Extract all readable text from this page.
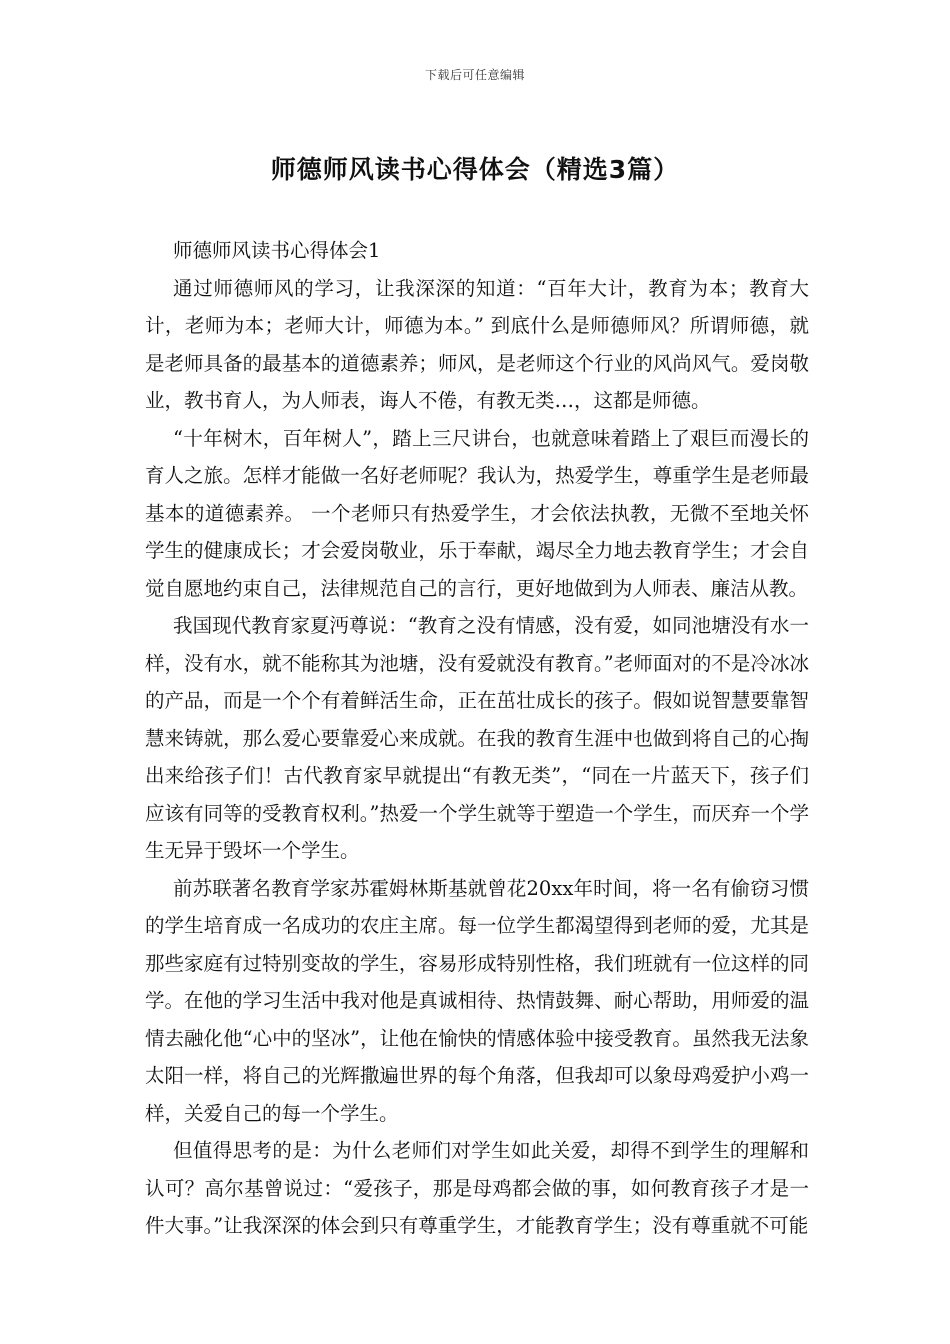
下载后可任意编辑
师德师风读书心得体会（精选3篇）

师德师风读书心得体会1

通过师德师风的学习，让我深深的知道：“百年大计，教育为本；教育大计，老师为本；老师大计，师德为本。” 到底什么是师德师风？所谓师德，就是老师具备的最基本的道德素养；师风，是老师这个行业的风尚风气。爱岗敬业，教书育人，为人师表，诲人不倦，有教无类…，这都是师德。

“十年树木，百年树人”，踏上三尺讲台，也就意味着踏上了艰巨而漫长的育人之旅。怎样才能做一名好老师呢？我认为，热爱学生，尊重学生是老师最基本的道德素养。 一个老师只有热爱学生，才会依法执教，无微不至地关怀学生的健康成长；才会爱岗敬业，乐于奉献，竭尽全力地去教育学生；才会自觉自愿地约束自己，法律规范自己的言行，更好地做到为人师表、廉洁从教。

我国现代教育家夏沔尊说：“教育之没有情感，没有爱，如同池塘没有水一样，没有水，就不能称其为池塘，没有爱就没有教育。”老师面对的不是冷冰冰的产品，而是一个个有着鲜活生命，正在茁壮成长的孩子。假如说智慧要靠智慧来铸就，那么爱心要靠爱心来成就。在我的教育生涯中也做到将自己的心掏出来给孩子们！古代教育家早就提出“有教无类”，“同在一片蓝天下，孩子们应该有同等的受教育权利。”热爱一个学生就等于塑造一个学生，而厌弃一个学生无异于毁坏一个学生。

前苏联著名教育学家苏霍姆林斯基就曾花20xx年时间，将一名有偷窃习惯的学生培育成一名成功的农庄主席。每一位学生都渴望得到老师的爱，尤其是那些家庭有过特别变故的学生，容易形成特别性格，我们班就有一位这样的同学。在他的学习生活中我对他是真诚相待、热情鼓舞、耐心帮助，用师爱的温情去融化他“心中的坚冰”，让他在愉快的情感体验中接受教育。虽然我无法象太阳一样，将自己的光辉撒遍世界的每个角落，但我却可以象母鸡爱护小鸡一样，关爱自己的每一个学生。

但值得思考的是：为什么老师们对学生如此关爱，却得不到学生的理解和认可？高尔基曾说过：“爱孩子，那是母鸡都会做的事，如何教育孩子才是一件大事。”让我深深的体会到只有尊重学生，才能教育学生；没有尊重就不可能
